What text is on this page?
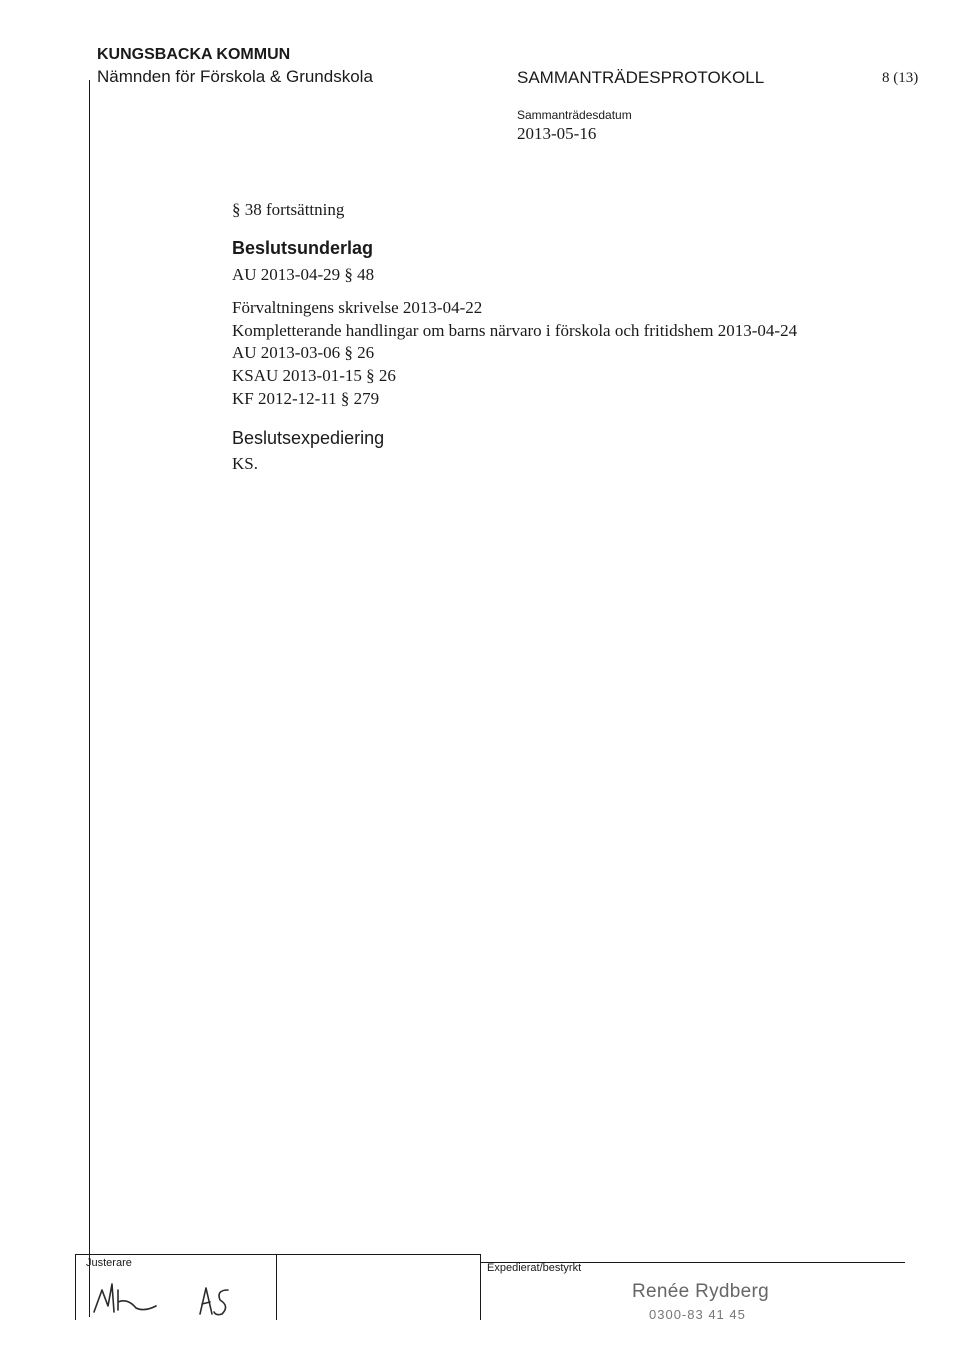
KUNGSBACKA KOMMUN
Nämnden för Förskola & Grundskola	SAMMANTRÄDESPROTOKOLL	8 (13)
Sammanträdesdatum
2013-05-16
§ 38 fortsättning
Beslutsunderlag
AU 2013-04-29 § 48
Förvaltningens skrivelse 2013-04-22
Kompletterande handlingar om barns närvaro i förskola och fritidshem 2013-04-24
AU 2013-03-06 § 26
KSAU 2013-01-15 § 26
KF 2012-12-11 § 279
Beslutsexpediering
KS.
Justerare	Expedierat/bestyrkt
Renée Rydberg
0300-83 41 45
